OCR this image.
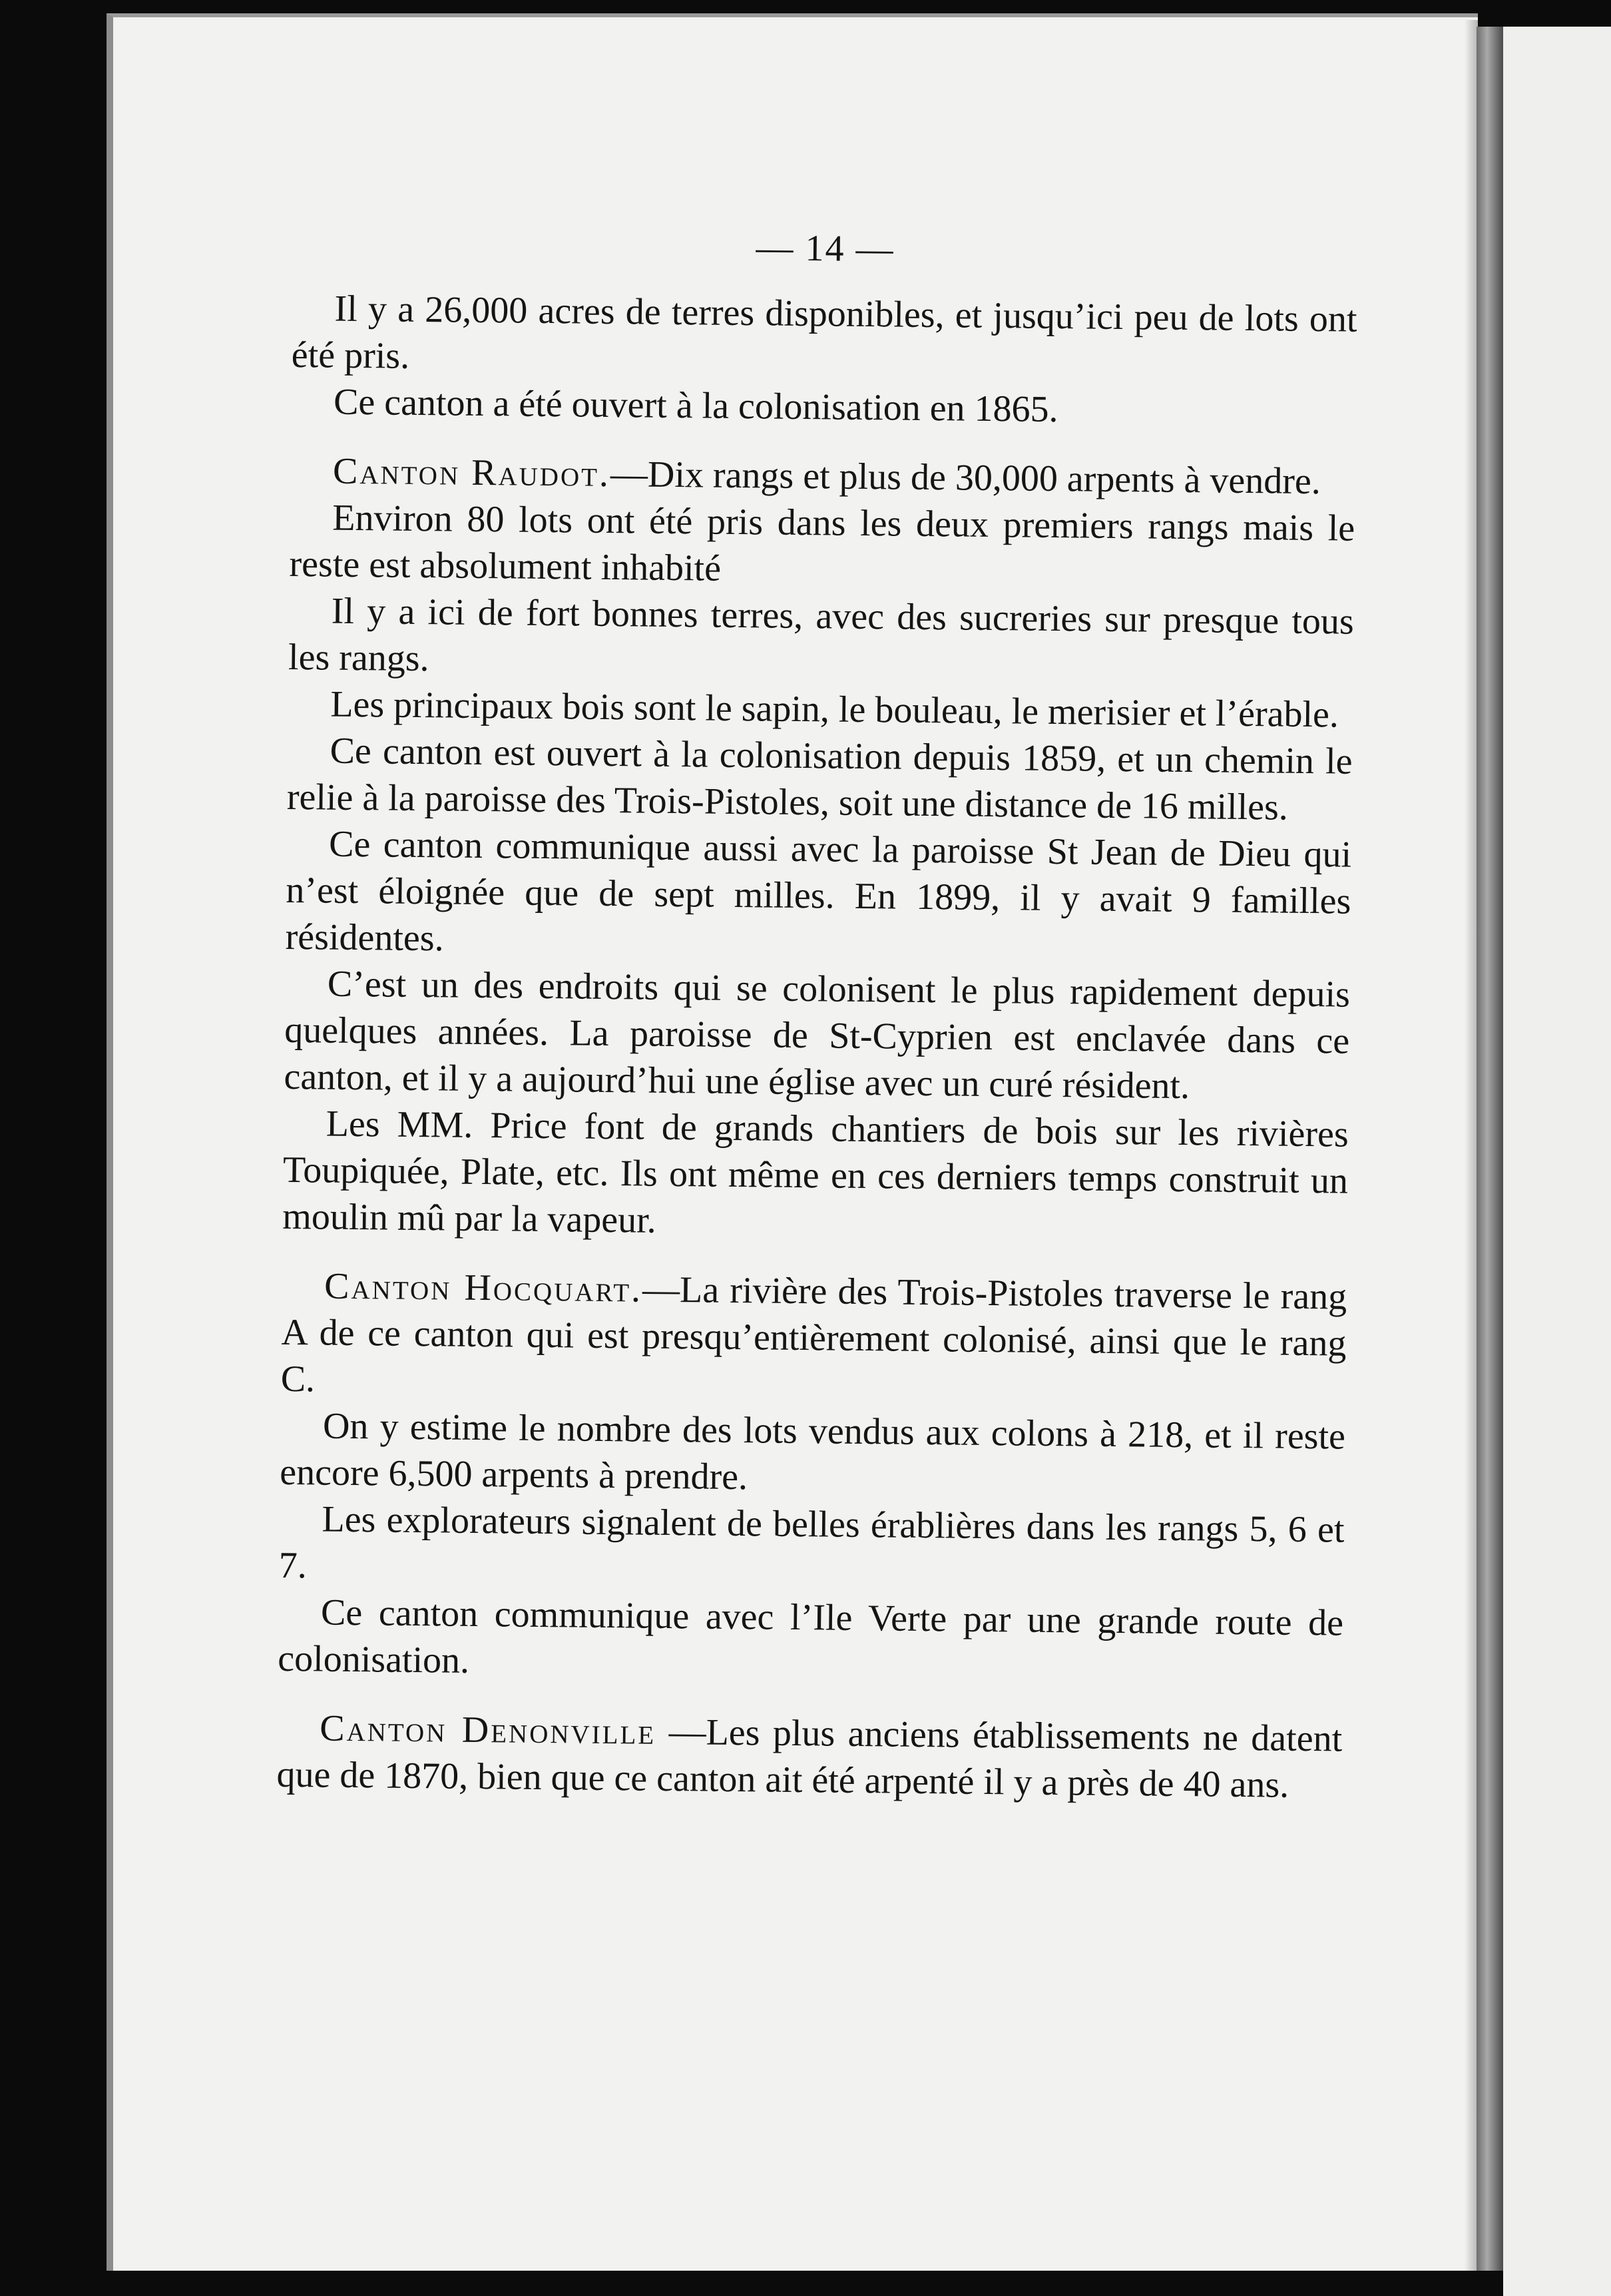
— 14 —

Il y a 26,000 acres de terres disponibles, et jusqu’ici peu de lots ont été pris.

Ce canton a été ouvert à la colonisation en 1865.

Canton Raudot.—Dix rangs et plus de 30,000 arpents à vendre.

Environ 80 lots ont été pris dans les deux premiers rangs mais le reste est absolument inhabité

Il y a ici de fort bonnes terres, avec des sucreries sur presque tous les rangs.

Les principaux bois sont le sapin, le bouleau, le merisier et l’érable.

Ce canton est ouvert à la colonisation depuis 1859, et un chemin le relie à la paroisse des Trois-Pistoles, soit une distance de 16 milles.

Ce canton communique aussi avec la paroisse St Jean de Dieu qui n’est éloignée que de sept milles. En 1899, il y avait 9 familles résidentes.

C’est un des endroits qui se colonisent le plus rapidement depuis quelques années. La paroisse de St-Cyprien est enclavée dans ce canton, et il y a aujourd’hui une église avec un curé résident.

Les MM. Price font de grands chantiers de bois sur les rivières Toupiquée, Plate, etc. Ils ont même en ces derniers temps construit un moulin mû par la vapeur.

Canton Hocquart.—La rivière des Trois-Pistoles traverse le rang A de ce canton qui est presqu’entièrement colonisé, ainsi que le rang C.

On y estime le nombre des lots vendus aux colons à 218, et il reste encore 6,500 arpents à prendre.

Les explorateurs signalent de belles érablières dans les rangs 5, 6 et 7.

Ce canton communique avec l’Ile Verte par une grande route de colonisation.

Canton Denonville —Les plus anciens établissements ne datent que de 1870, bien que ce canton ait été arpenté il y a près de 40 ans.
